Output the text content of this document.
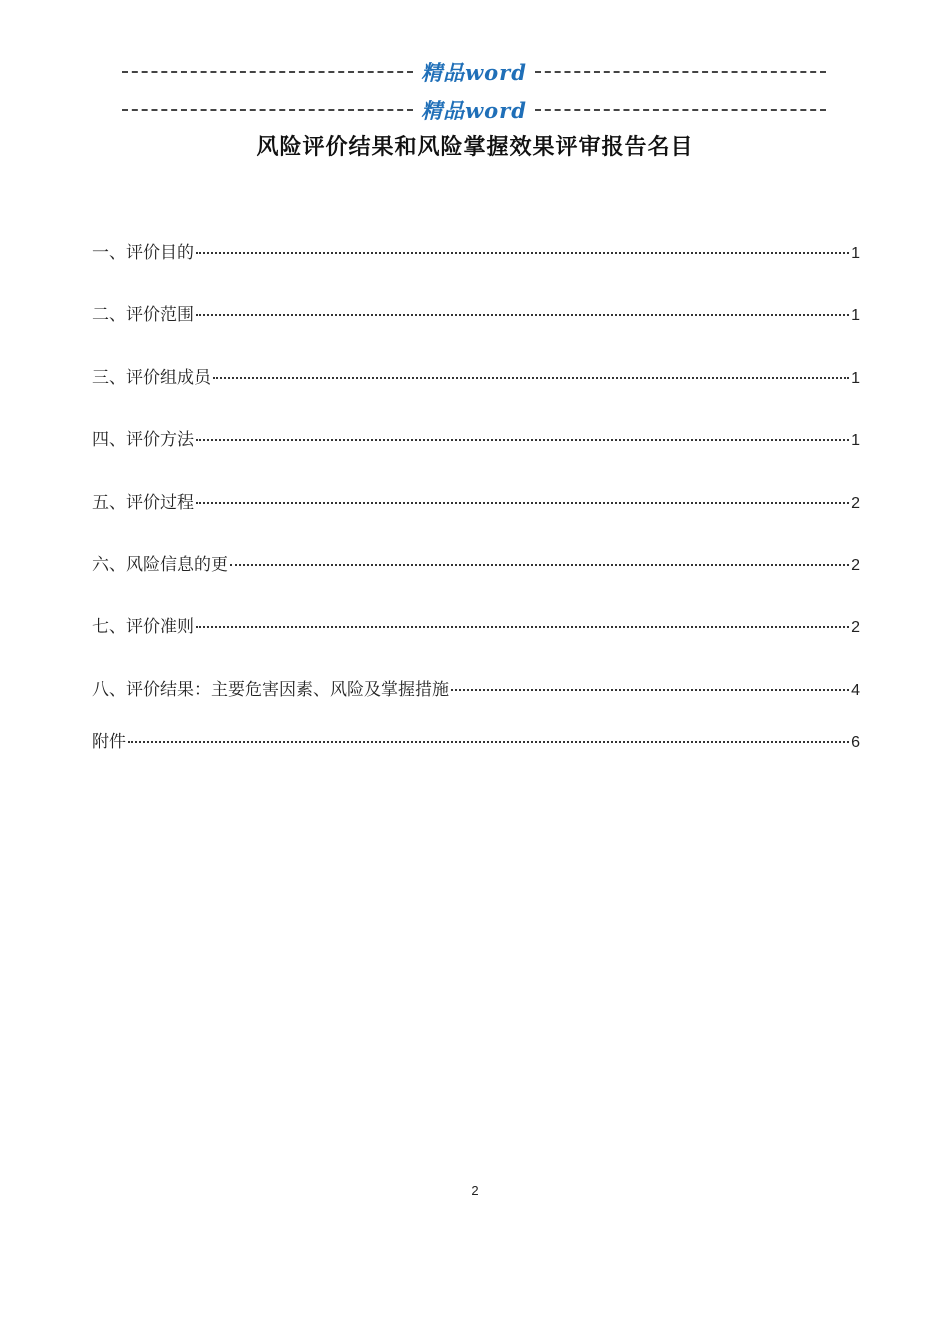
精品word
精品word
风险评价结果和风险掌握效果评审报告名目
一、评价目的	1
二、评价范围	1
三、评价组成员	1
四、评价方法	1
五、评价过程	2
六、风险信息的更	2
七、评价准则	2
八、评价结果：主要危害因素、风险及掌握措施	4
附件	6
2
